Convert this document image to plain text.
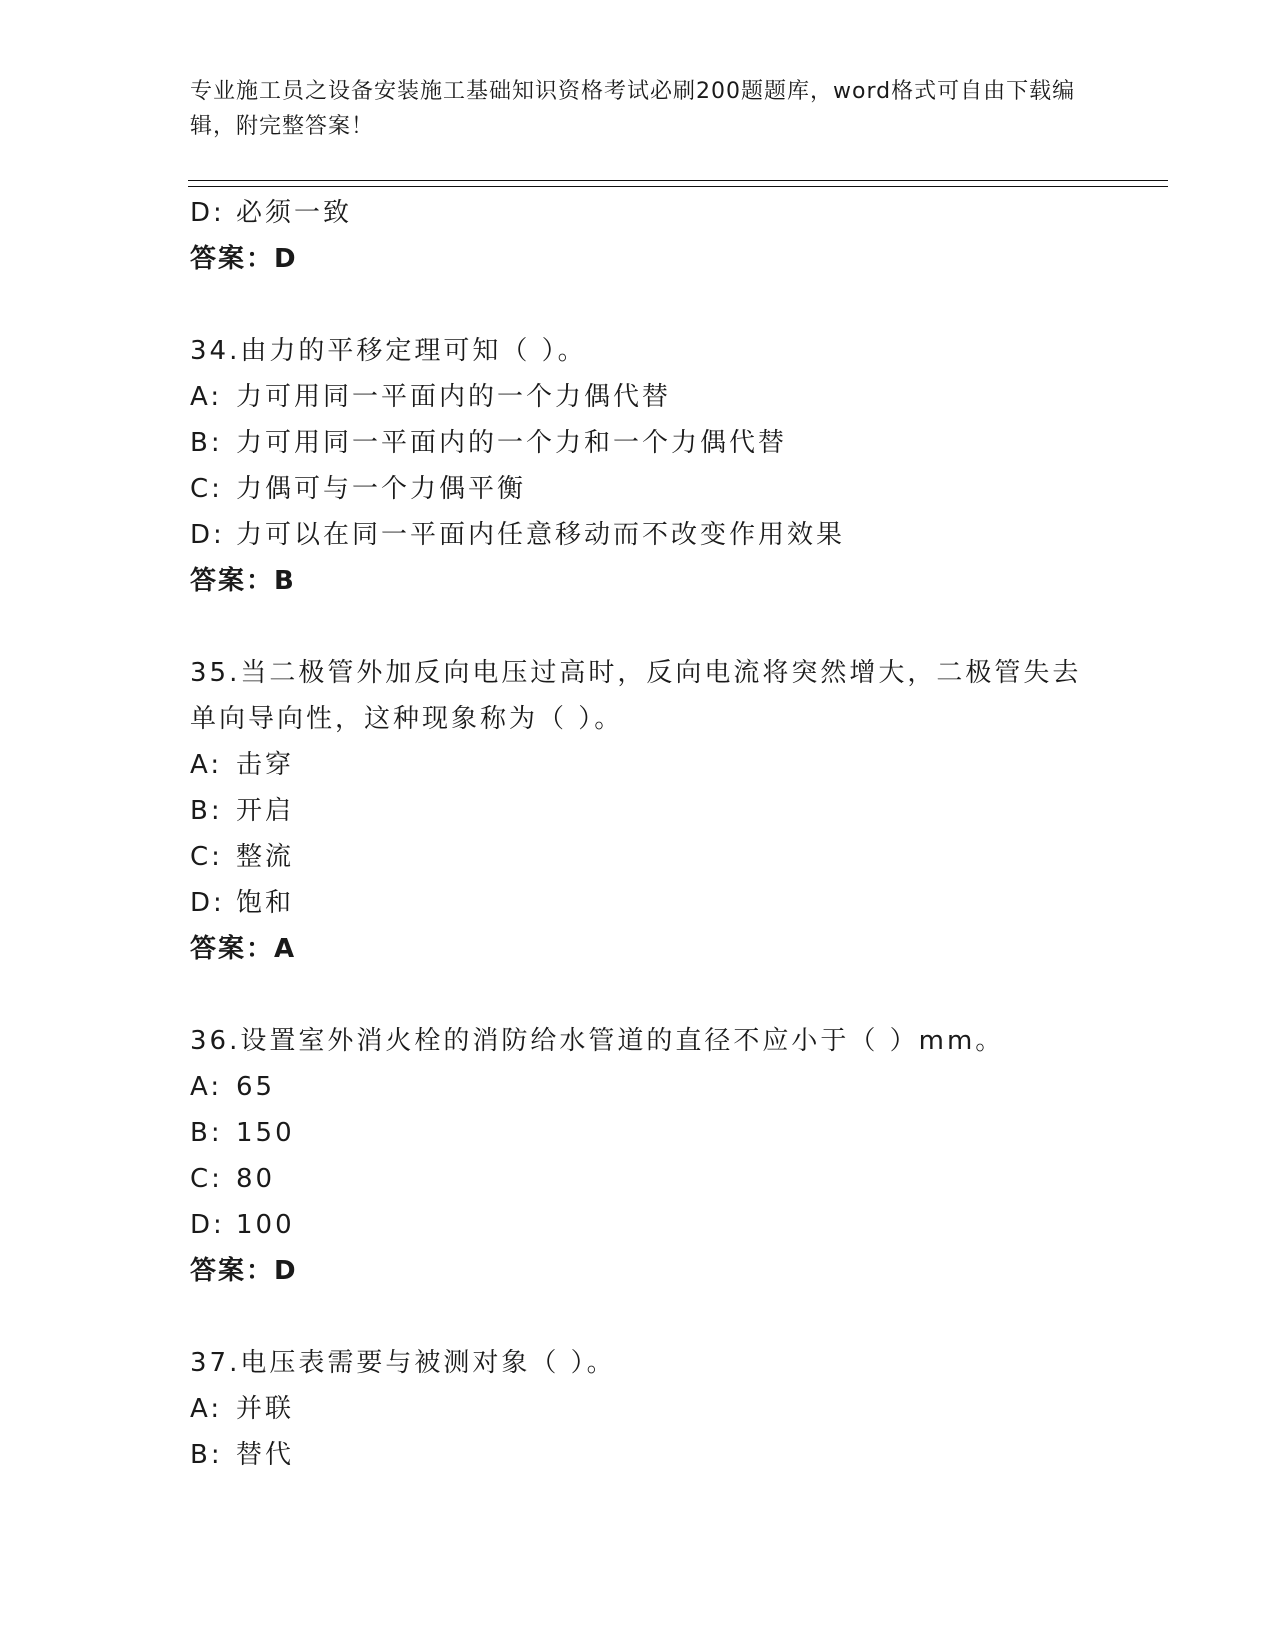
专业施工员之设备安装施工基础知识资格考试必刷200题题库，word格式可自由下载编辑，附完整答案！
D: 必须一致
答案：D
34.由力的平移定理可知（ ）。
A: 力可用同一平面内的一个力偶代替
B: 力可用同一平面内的一个力和一个力偶代替
C: 力偶可与一个力偶平衡
D: 力可以在同一平面内任意移动而不改变作用效果
答案：B
35.当二极管外加反向电压过高时，反向电流将突然增大，二极管失去
单向导向性，这种现象称为（ ）。
A: 击穿
B: 开启
C: 整流
D: 饱和
答案：A
36.设置室外消火栓的消防给水管道的直径不应小于（ ）mm。
A: 65
B: 150
C: 80
D: 100
答案：D
37.电压表需要与被测对象（ ）。
A: 并联
B: 替代
